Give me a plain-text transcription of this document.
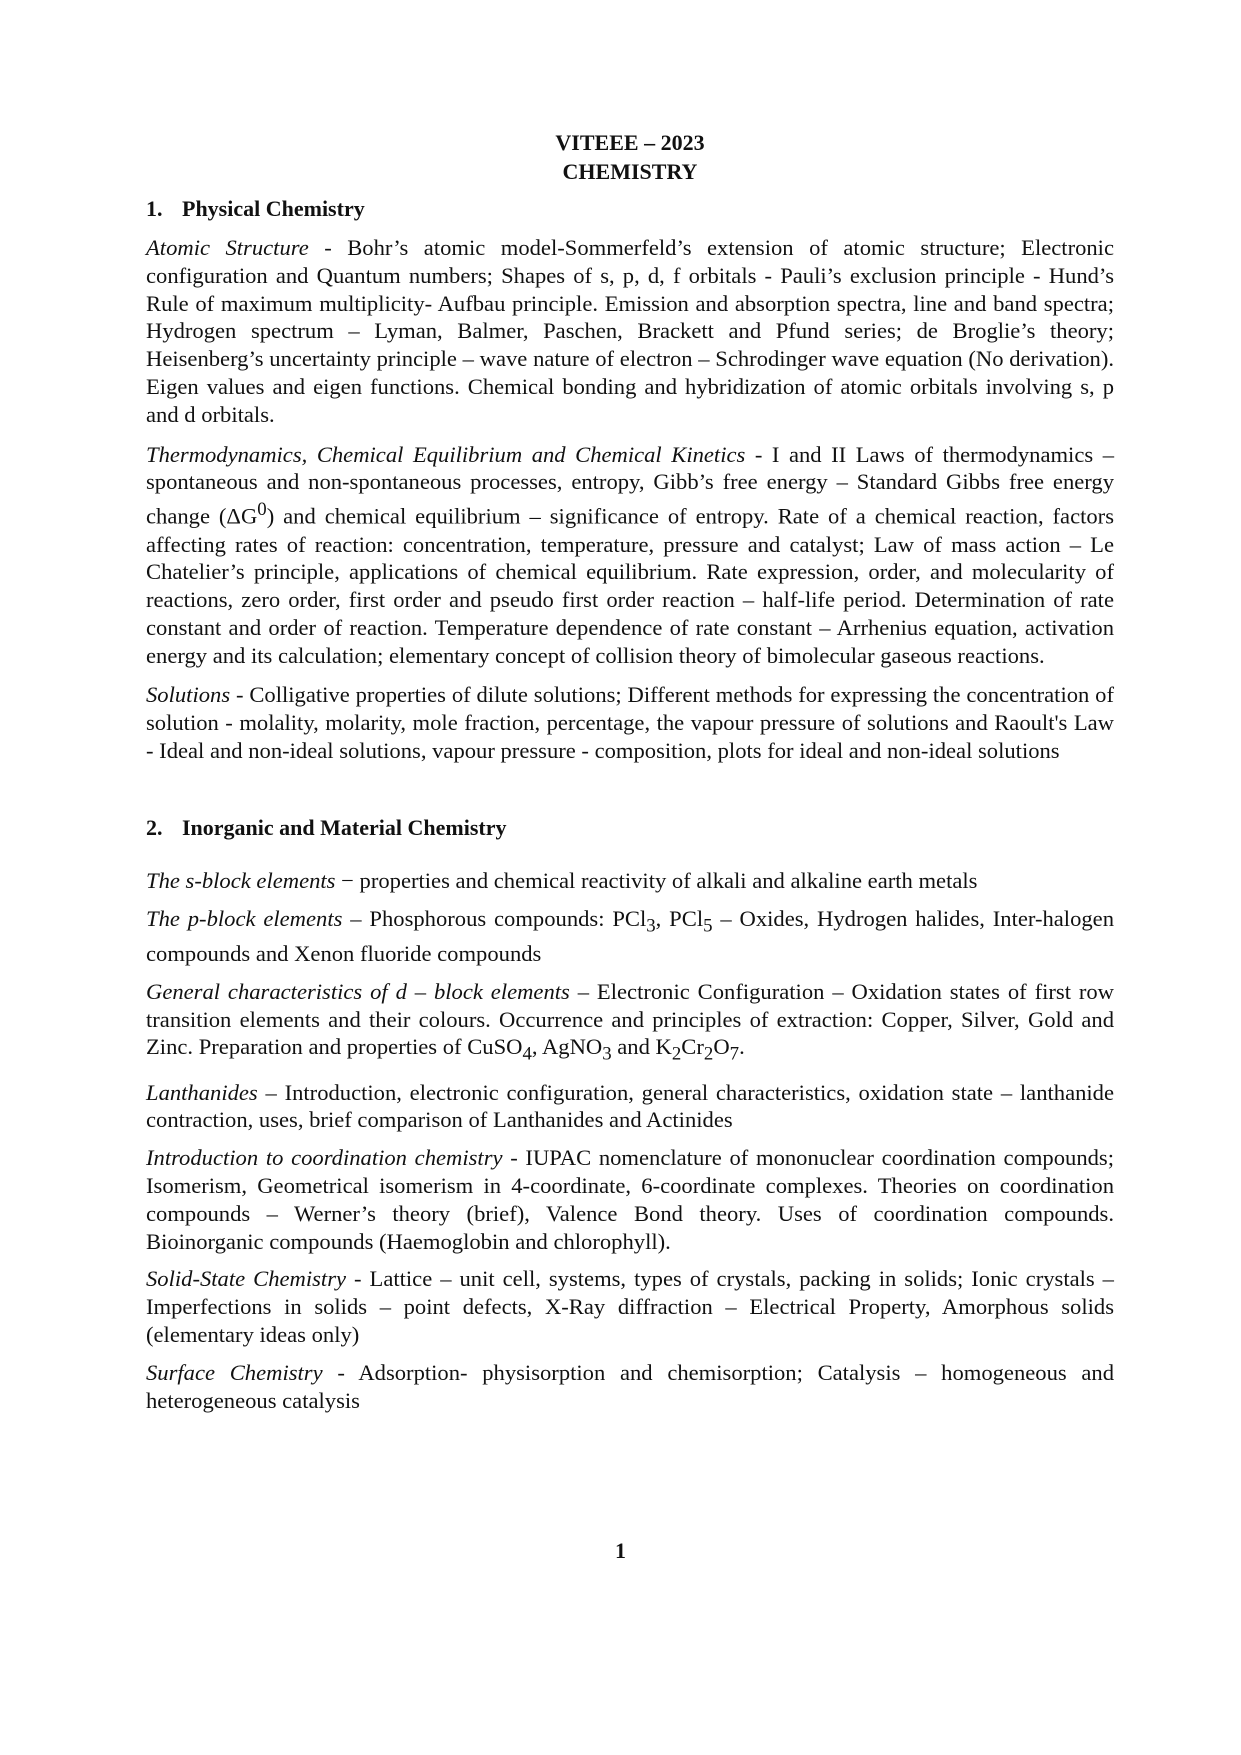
VITEEE – 2023
CHEMISTRY
1. Physical Chemistry

Atomic Structure - Bohr’s atomic model-Sommerfeld’s extension of atomic structure; Electronic configuration and Quantum numbers; Shapes of s, p, d, f orbitals - Pauli’s exclusion principle - Hund’s Rule of maximum multiplicity- Aufbau principle. Emission and absorption spectra, line and band spectra; Hydrogen spectrum – Lyman, Balmer, Paschen, Brackett and Pfund series; de Broglie’s theory; Heisenberg’s uncertainty principle – wave nature of electron – Schrodinger wave equation (No derivation). Eigen values and eigen functions. Chemical bonding and hybridization of atomic orbitals involving s, p and d orbitals.

Thermodynamics, Chemical Equilibrium and Chemical Kinetics - I and II Laws of thermodynamics – spontaneous and non-spontaneous processes, entropy, Gibb’s free energy – Standard Gibbs free energy change $(\Delta G^0)$ and chemical equilibrium – significance of entropy. Rate of a chemical reaction, factors affecting rates of reaction: concentration, temperature, pressure and catalyst; Law of mass action – Le Chatelier’s principle, applications of chemical equilibrium. Rate expression, order, and molecularity of reactions, zero order, first order and pseudo first order reaction – half-life period. Determination of rate constant and order of reaction. Temperature dependence of rate constant – Arrhenius equation, activation energy and its calculation; elementary concept of collision theory of bimolecular gaseous reactions.

Solutions - Colligative properties of dilute solutions; Different methods for expressing the concentration of solution - molality, molarity, mole fraction, percentage, the vapour pressure of solutions and Raoult's Law - Ideal and non-ideal solutions, vapour pressure - composition, plots for ideal and non-ideal solutions

2. Inorganic and Material Chemistry

The s-block elements − properties and chemical reactivity of alkali and alkaline earth metals

The p-block elements – Phosphorous compounds: PCl$_3$, PCl$_5$ – Oxides, Hydrogen halides, Inter-halogen compounds and Xenon fluoride compounds

General characteristics of d – block elements – Electronic Configuration – Oxidation states of first row transition elements and their colours. Occurrence and principles of extraction: Copper, Silver, Gold and Zinc. Preparation and properties of CuSO$_4$, AgNO$_3$ and $K_2Cr_2O_7$.

Lanthanides – Introduction, electronic configuration, general characteristics, oxidation state – lanthanide contraction, uses, brief comparison of Lanthanides and Actinides

Introduction to coordination chemistry - IUPAC nomenclature of mononuclear coordination compounds; Isomerism, Geometrical isomerism in 4-coordinate, 6-coordinate complexes. Theories on coordination compounds – Werner’s theory (brief), Valence Bond theory. Uses of coordination compounds. Bioinorganic compounds (Haemoglobin and chlorophyll).

Solid-State Chemistry - Lattice – unit cell, systems, types of crystals, packing in solids; Ionic crystals – Imperfections in solids – point defects, X-Ray diffraction – Electrical Property, Amorphous solids (elementary ideas only)

Surface Chemistry - Adsorption- physisorption and chemisorption; Catalysis – homogeneous and heterogeneous catalysis

1
